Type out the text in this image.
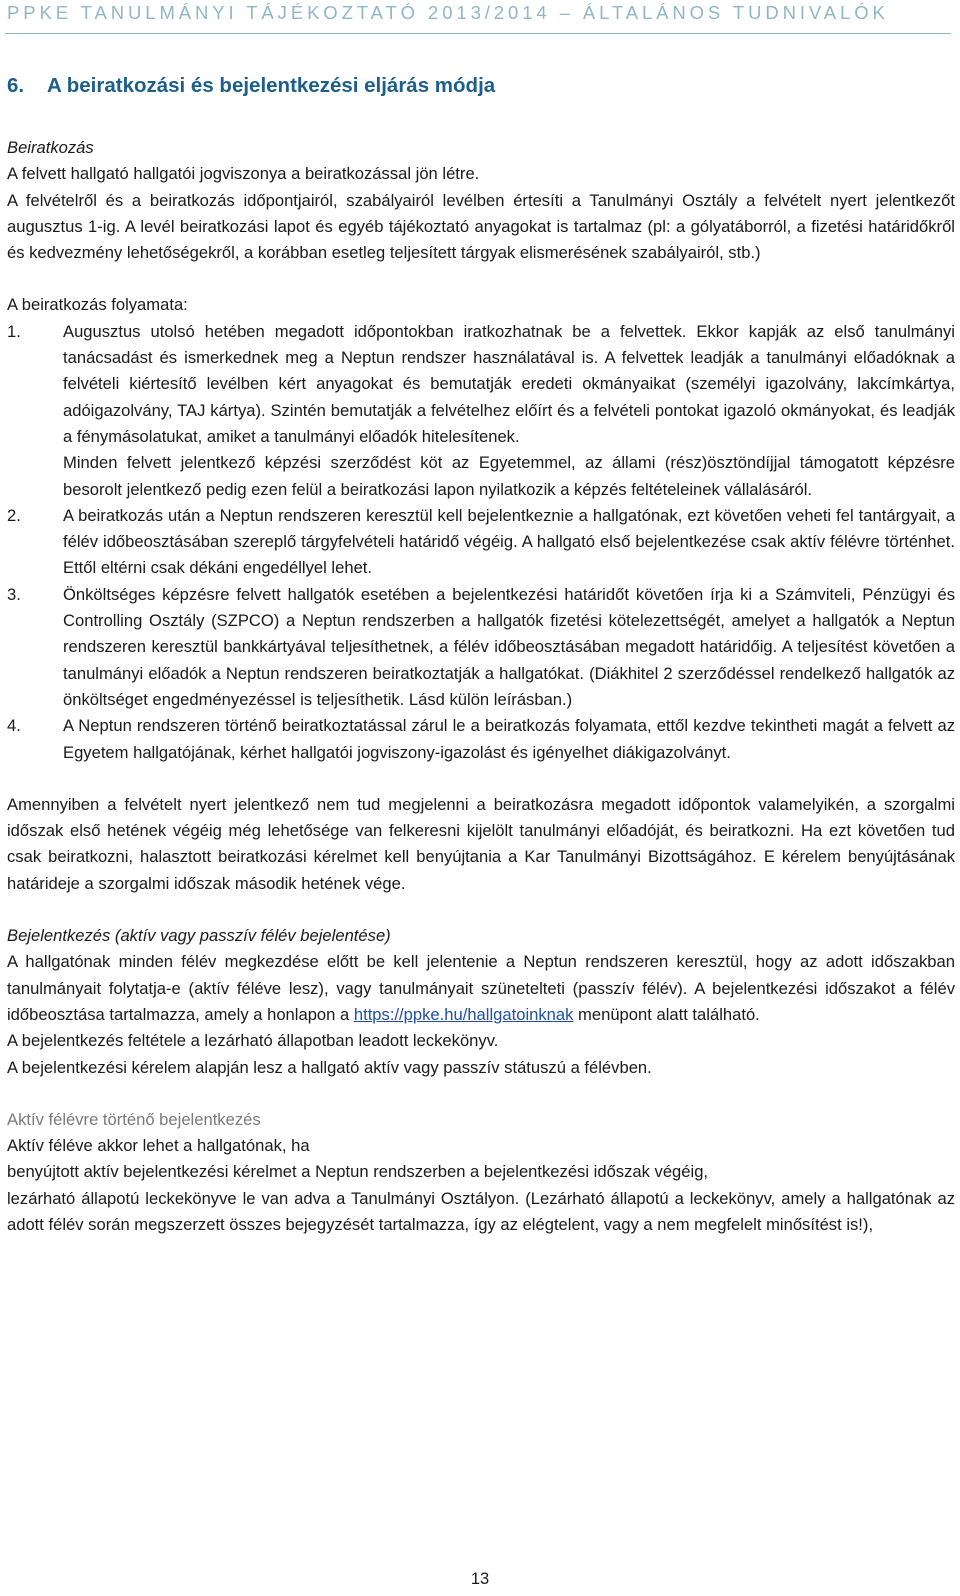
PPKE TANULMÁNYI TÁJÉKOZTATÓ 2013/2014 – ÁLTALÁNOS TUDNIVALÓK
6. A beiratkozási és bejelentkezési eljárás módja

Beiratkozás

A felvett hallgató hallgatói jogviszonya a beiratkozással jön létre.

A felvételről és a beiratkozás időpontjairól, szabályairól levélben értesíti a Tanulmányi Osztály a felvételt nyert jelentkezőt augusztus 1-ig. A levél beiratkozási lapot és egyéb tájékoztató anyagokat is tartalmaz (pl: a gólyatáborról, a fizetési határidőkről és kedvezmény lehetőségekről, a korábban esetleg teljesített tárgyak elismerésének szabályairól, stb.)

A beiratkozás folyamata:

1.	Augusztus utolsó hetében megadott időpontokban iratkozhatnak be a felvettek. Ekkor kapják az első tanulmányi tanácsadást és ismerkednek meg a Neptun rendszer használatával is. A felvettek leadják a tanulmányi előadóknak a felvételi kiértesítő levélben kért anyagokat és bemutatják eredeti okmányaikat (személyi igazolvány, lakcímkártya, adóigazolvány, TAJ kártya). Szintén bemutatják a felvételhez előírt és a felvételi pontokat igazoló okmányokat, és leadják a fénymásolatukat, amiket a tanulmányi előadók hitelesítenek.
Minden felvett jelentkező képzési szerződést köt az Egyetemmel, az állami (rész)ösztöndíjjal támogatott képzésre besorolt jelentkező pedig ezen felül a beiratkozási lapon nyilatkozik a képzés feltételeinek vállalásáról.
2.	A beiratkozás után a Neptun rendszeren keresztül kell bejelentkeznie a hallgatónak, ezt követően veheti fel tantárgyait, a félév időbeosztásában szereplő tárgyfelvételi határidő végéig. A hallgató első bejelentkezése csak aktív félévre történhet. Ettől eltérni csak dékáni engedéllyel lehet.
3.	Önköltséges képzésre felvett hallgatók esetében a bejelentkezési határidőt követően írja ki a Számviteli, Pénzügyi és Controlling Osztály (SZPCO) a Neptun rendszerben a hallgatók fizetési kötelezettségét, amelyet a hallgatók a Neptun rendszeren keresztül bankkártyával teljesíthetnek, a félév időbeosztásában megadott határidőig. A teljesítést követően a tanulmányi előadók a Neptun rendszeren beiratkoztatják a hallgatókat. (Diákhitel 2 szerződéssel rendelkező hallgatók az önköltséget engedményezéssel is teljesíthetik. Lásd külön leírásban.)
4.	A Neptun rendszeren történő beiratkoztatással zárul le a beiratkozás folyamata, ettől kezdve tekintheti magát a felvett az Egyetem hallgatójának, kérhet hallgatói jogviszony-igazolást és igényelhet diákigazolványt.

Amennyiben a felvételt nyert jelentkező nem tud megjelenni a beiratkozásra megadott időpontok valamelyikén, a szorgalmi időszak első hetének végéig még lehetősége van felkeresni kijelölt tanulmányi előadóját, és beiratkozni. Ha ezt követően tud csak beiratkozni, halasztott beiratkozási kérelmet kell benyújtania a Kar Tanulmányi Bizottságához. E kérelem benyújtásának határideje a szorgalmi időszak második hetének vége.

Bejelentkezés (aktív vagy passzív félév bejelentése)

A hallgatónak minden félév megkezdése előtt be kell jelentenie a Neptun rendszeren keresztül, hogy az adott időszakban tanulmányait folytatja-e (aktív féléve lesz), vagy tanulmányait szünetelteti (passzív félév). A bejelentkezési időszakot a félév időbeosztása tartalmazza, amely a honlapon a https://ppke.hu/hallgatoinknak menüpont alatt található.

A bejelentkezés feltétele a lezárható állapotban leadott leckekönyv.

A bejelentkezési kérelem alapján lesz a hallgató aktív vagy passzív státuszú a félévben.

Aktív félévre történő bejelentkezés

Aktív féléve akkor lehet a hallgatónak, ha

benyújtott aktív bejelentkezési kérelmet a Neptun rendszerben a bejelentkezési időszak végéig,

lezárható állapotú leckekönyve le van adva a Tanulmányi Osztályon. (Lezárható állapotú a leckekönyv, amely a hallgatónak az adott félév során megszerzett összes bejegyzését tartalmazza, így az elégtelent, vagy a nem megfelelt minősítést is!),

13
